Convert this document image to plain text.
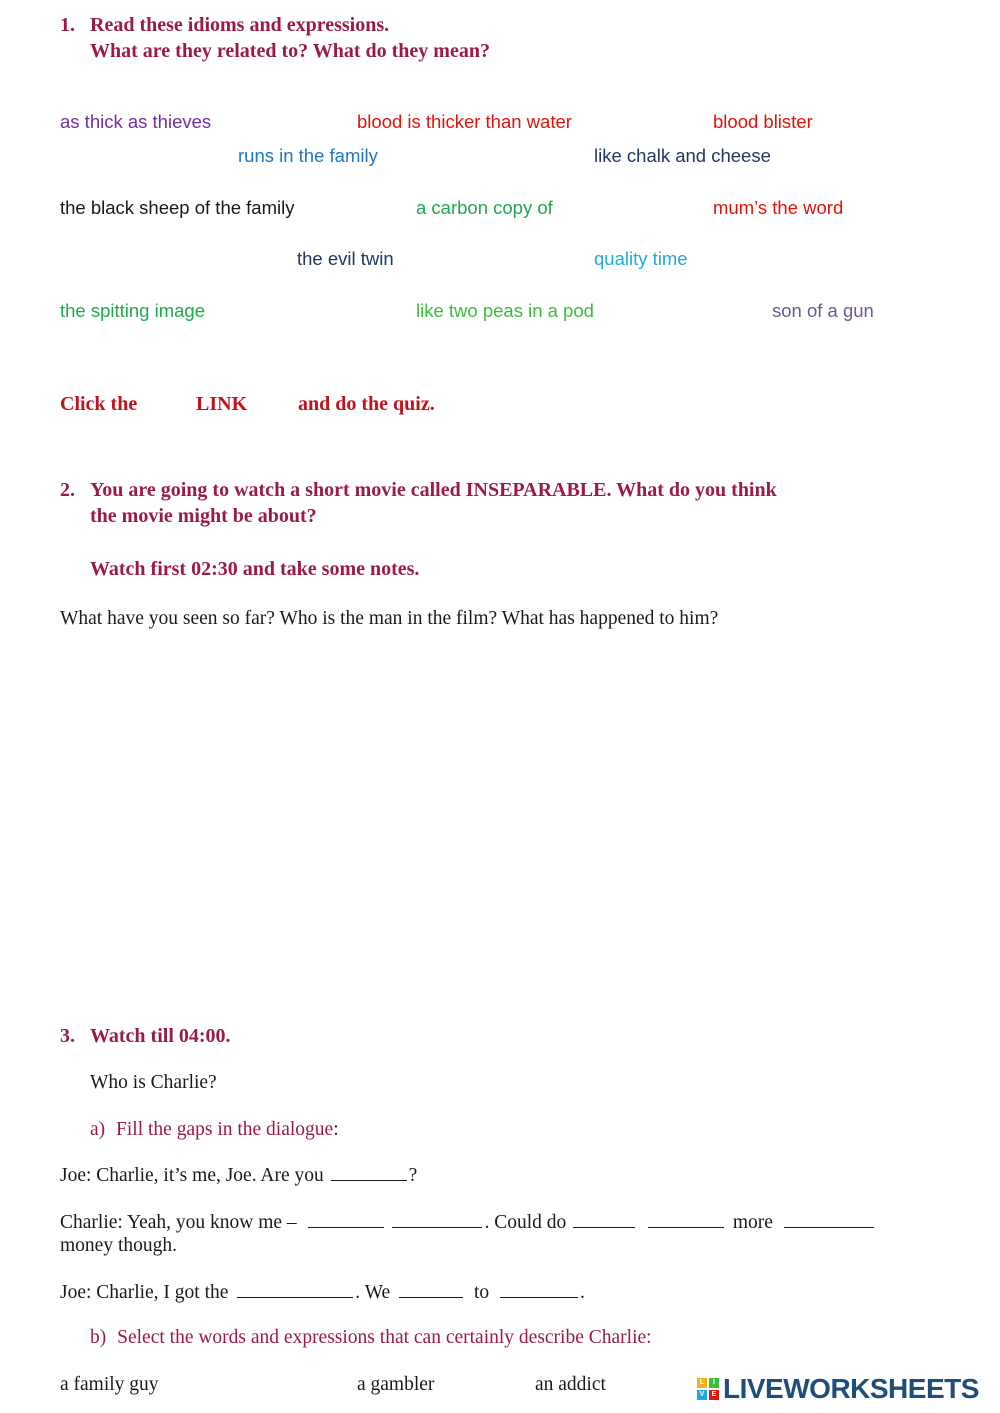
1. Read these idioms and expressions.
What are they related to? What do they mean?
as thick as thieves	blood is thicker than water	blood blister
runs in the family	like chalk and cheese
the black sheep of the family	a carbon copy of	mum’s the word
the evil twin	quality time
the spitting image	like two peas in a pod	son of a gun
Click the	LINK	and do the quiz.
2. You are going to watch a short movie called INSEPARABLE. What do you think
the movie might be about?
Watch first 02:30 and take some notes.
What have you seen so far? Who is the man in the film? What has happened to him?
3. Watch till 04:00.
Who is Charlie?
a) Fill the gaps in the dialogue:
Joe: Charlie, it’s me, Joe. Are you	?
Charlie: Yeah, you know me –	. Could do	more
money though.
Joe: Charlie, I got the	. We	to	.
b) Select the words and expressions that can certainly describe Charlie:
a family guy	a gambler	an addict	L	I
V	E LIVEWORKSHEETS
